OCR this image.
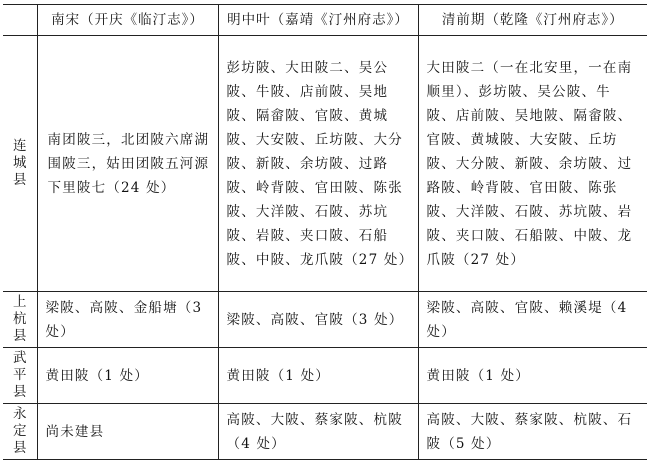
	南宋（开庆《临汀志》）	明中叶（嘉靖《汀州府志》）	清前期（乾隆《汀州府志》）
连城县	南团陂三，北团陂六席湖围陂三，姑田团陂五河源下里陂七（24 处）	彭坊陂、大田陂二、吴公陂、牛陂、店前陂、吴地陂、隔畲陂、官陂、黄城陂、大安陂、丘坊陂、大分陂、新陂、余坊陂、过路陂、岭背陂、官田陂、陈张陂、大洋陂、石陂、苏坑陂、岩陂、夹口陂、石船陂、中陂、龙爪陂（27 处）	大田陂二（一在北安里，一在南顺里）、彭坊陂、吴公陂、牛陂、店前陂、吴地陂、隔畲陂、官陂、黄城陂、大安陂、丘坊陂、大分陂、新陂、余坊陂、过路陂、岭背陂、官田陂、陈张陂、大洋陂、石陂、苏坑陂、岩陂、夹口陂、石船陂、中陂、龙爪陂（27 处）
上杭县	梁陂、高陂、金船塘（3 处）	梁陂、高陂、官陂（3 处）	梁陂、高陂、官陂、赖溪堤（4 处）
武平县	黄田陂（1 处）	黄田陂（1 处）	黄田陂（1 处）
永定县	尚未建县	高陂、大陂、蔡家陂、杭陂（4 处）	高陂、大陂、蔡家陂、杭陂、石陂（5 处）
